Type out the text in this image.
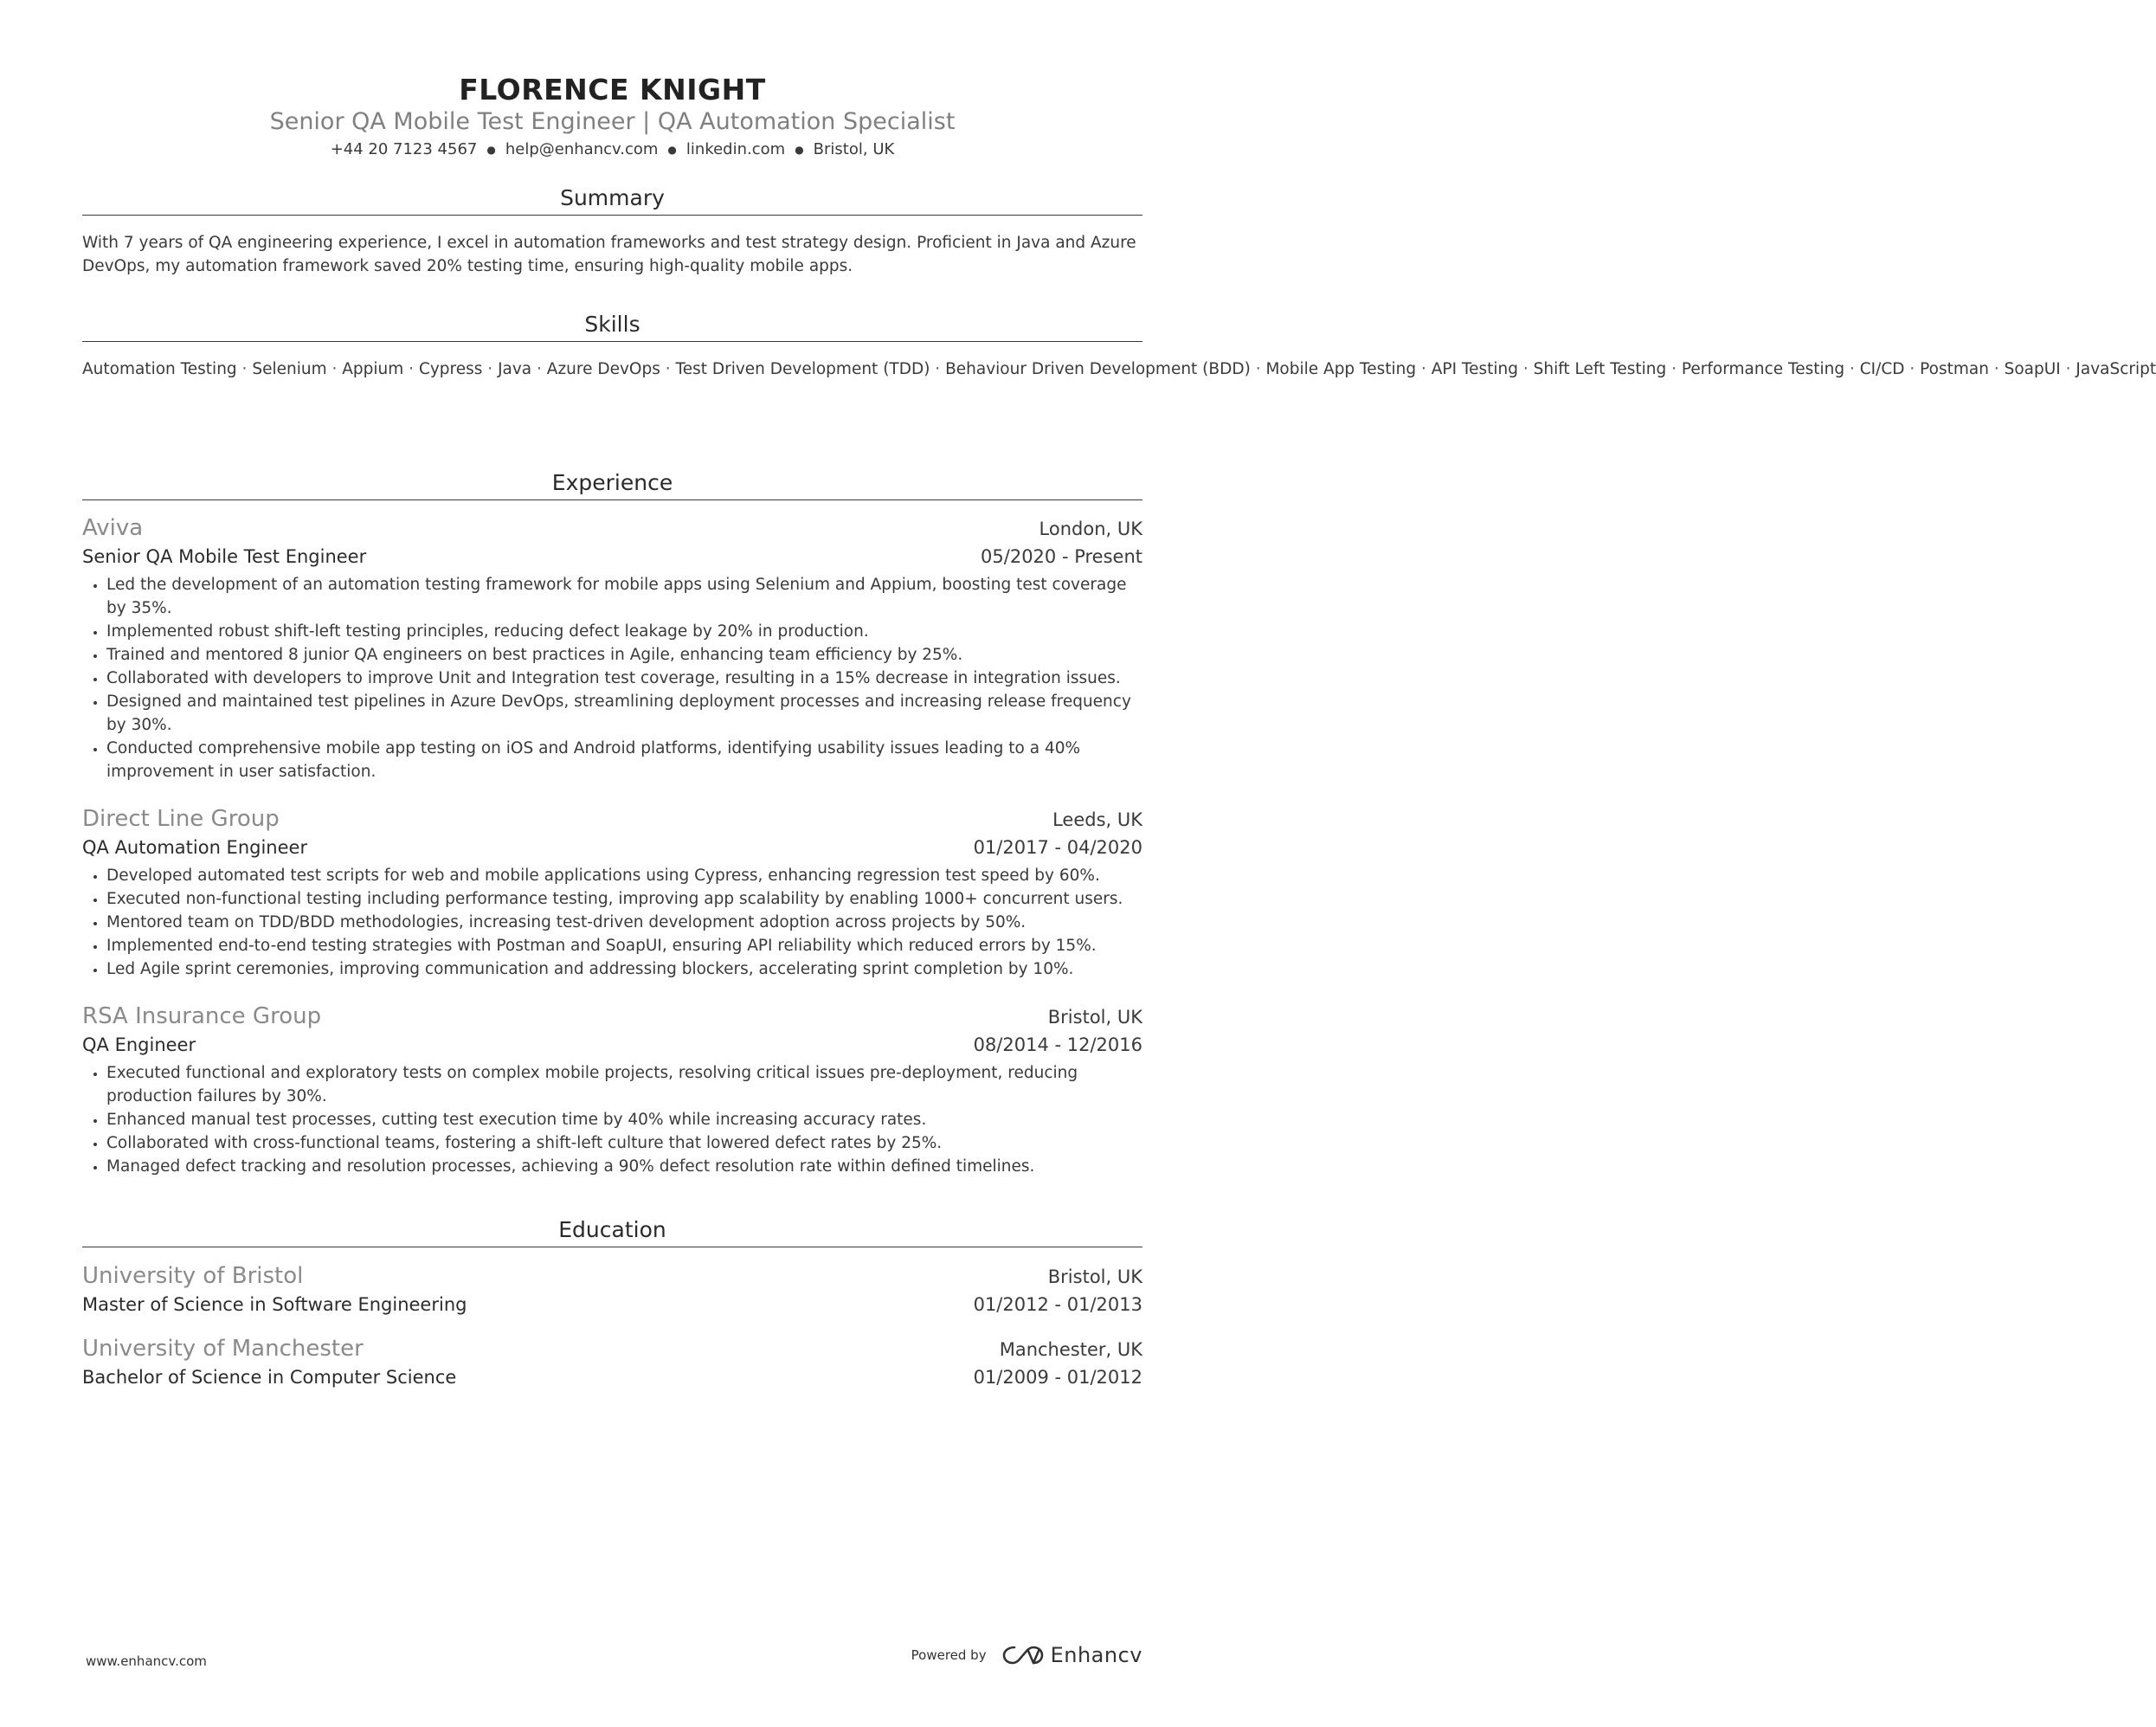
FLORENCE KNIGHT
Senior QA Mobile Test Engineer | QA Automation Specialist
+44 20 7123 4567 ● help@enhancv.com ● linkedin.com ● Bristol, UK
Summary
With 7 years of QA engineering experience, I excel in automation frameworks and test strategy design. Proficient in Java and Azure DevOps, my automation framework saved 20% testing time, ensuring high-quality mobile apps.
Skills
Automation Testing · Selenium · Appium · Cypress · Java · Azure DevOps · Test Driven Development (TDD) · Behaviour Driven Development (BDD) · Mobile App Testing · API Testing · Shift Left Testing · Performance Testing · CI/CD · Postman · SoapUI · JavaScript
Experience
Aviva	London, UK
Senior QA Mobile Test Engineer	05/2020 - Present
• Led the development of an automation testing framework for mobile apps using Selenium and Appium, boosting test coverage by 35%.
• Implemented robust shift-left testing principles, reducing defect leakage by 20% in production.
• Trained and mentored 8 junior QA engineers on best practices in Agile, enhancing team efficiency by 25%.
• Collaborated with developers to improve Unit and Integration test coverage, resulting in a 15% decrease in integration issues.
• Designed and maintained test pipelines in Azure DevOps, streamlining deployment processes and increasing release frequency by 30%.
• Conducted comprehensive mobile app testing on iOS and Android platforms, identifying usability issues leading to a 40% improvement in user satisfaction.
Direct Line Group	Leeds, UK
QA Automation Engineer	01/2017 - 04/2020
• Developed automated test scripts for web and mobile applications using Cypress, enhancing regression test speed by 60%.
• Executed non-functional testing including performance testing, improving app scalability by enabling 1000+ concurrent users.
• Mentored team on TDD/BDD methodologies, increasing test-driven development adoption across projects by 50%.
• Implemented end-to-end testing strategies with Postman and SoapUI, ensuring API reliability which reduced errors by 15%.
• Led Agile sprint ceremonies, improving communication and addressing blockers, accelerating sprint completion by 10%.
RSA Insurance Group	Bristol, UK
QA Engineer	08/2014 - 12/2016
• Executed functional and exploratory tests on complex mobile projects, resolving critical issues pre-deployment, reducing production failures by 30%.
• Enhanced manual test processes, cutting test execution time by 40% while increasing accuracy rates.
• Collaborated with cross-functional teams, fostering a shift-left culture that lowered defect rates by 25%.
• Managed defect tracking and resolution processes, achieving a 90% defect resolution rate within defined timelines.
Education
University of Bristol	Bristol, UK
Master of Science in Software Engineering	01/2012 - 01/2013
University of Manchester	Manchester, UK
Bachelor of Science in Computer Science	01/2009 - 01/2012
www.enhancv.com	Powered by	Enhancv
